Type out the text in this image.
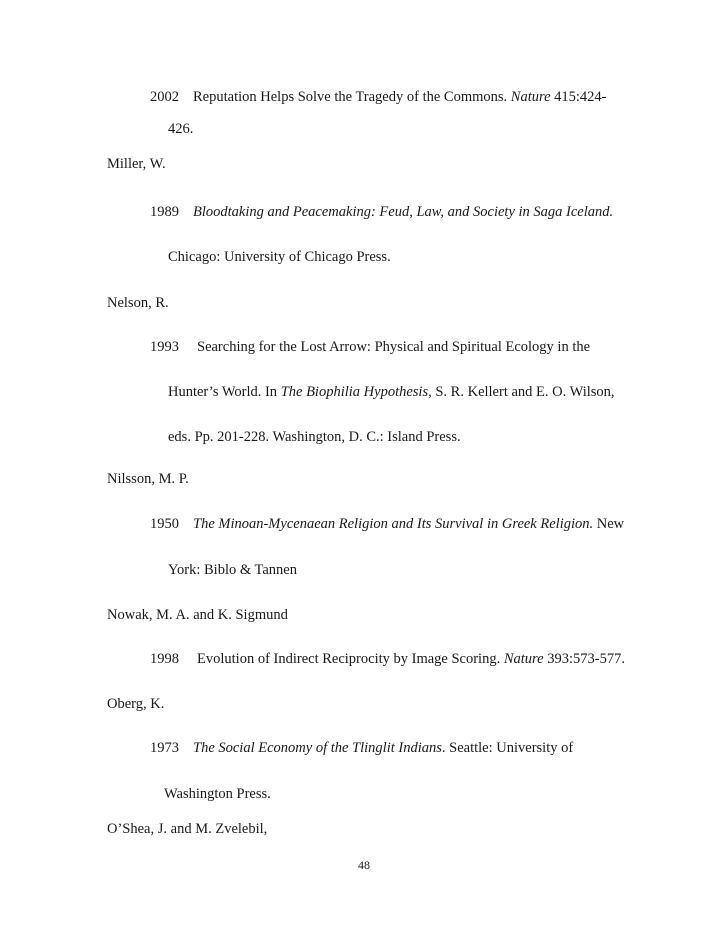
2002 Reputation Helps Solve the Tragedy of the Commons. Nature 415:424-
426.
Miller, W.
1989 Bloodtaking and Peacemaking: Feud, Law, and Society in Saga Iceland.
Chicago: University of Chicago Press.
Nelson, R.
1993 Searching for the Lost Arrow: Physical and Spiritual Ecology in the
Hunter’s World. In The Biophilia Hypothesis, S. R. Kellert and E. O. Wilson,
eds. Pp. 201-228. Washington, D. C.: Island Press.
Nilsson, M. P.
1950 The Minoan-Mycenaean Religion and Its Survival in Greek Religion. New
York: Biblo & Tannen
Nowak, M. A. and K. Sigmund
1998 Evolution of Indirect Reciprocity by Image Scoring. Nature 393:573-577.
Oberg, K.
1973 The Social Economy of the Tlinglit Indians. Seattle: University of
Washington Press.
O’Shea, J. and M. Zvelebil,
48
